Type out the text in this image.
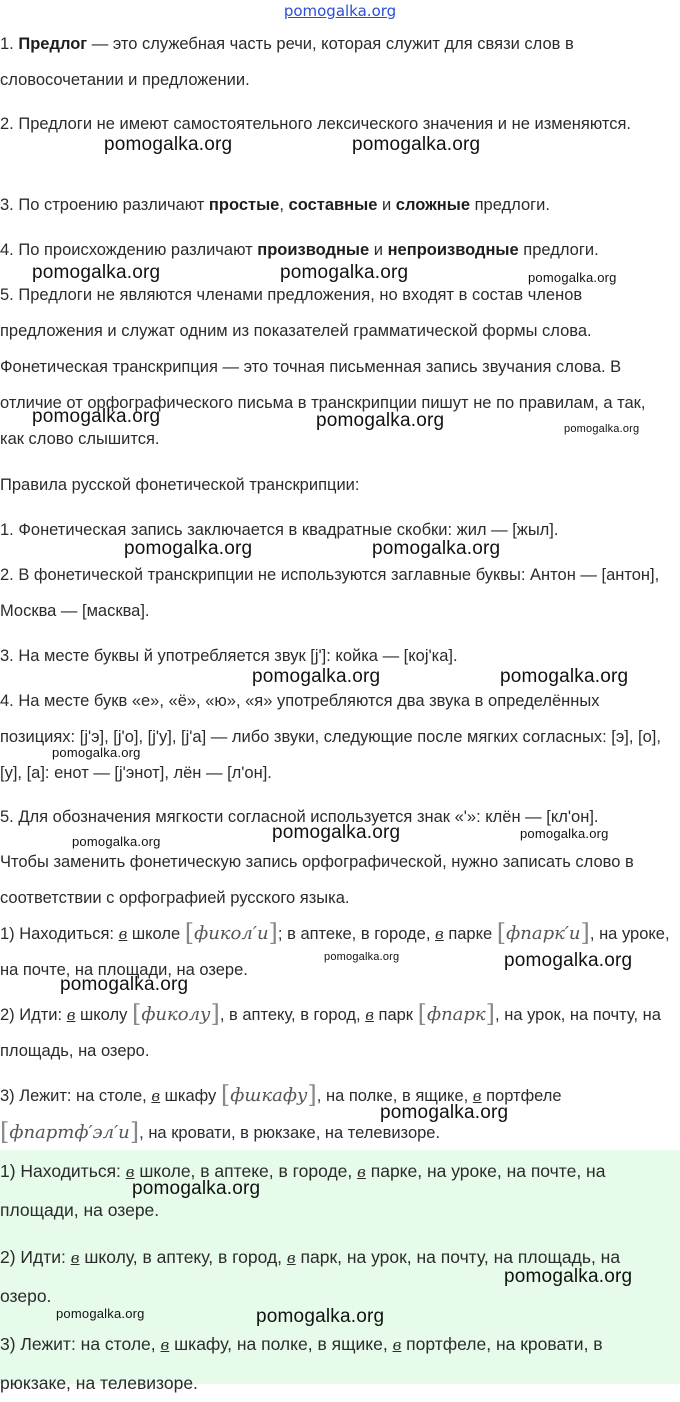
pomogalka.org

1. Предлог — это служебная часть речи, которая служит для связи слов в словосочетании и предложении.

2. Предлоги не имеют самостоятельного лексического значения и не изменяются.

3. По строению различают простые, составные и сложные предлоги.

4. По происхождению различают производные и непроизводные предлоги.

5. Предлоги не являются членами предложения, но входят в состав членов предложения и служат одним из показателей грамматической формы слова.

Фонетическая транскрипция — это точная письменная запись звучания слова. В отличие от орфографического письма в транскрипции пишут не по правилам, а так, как слово слышится.

Правила русской фонетической транскрипции:

1. Фонетическая запись заключается в квадратные скобки: жил — [жыл].

2. В фонетической транскрипции не используются заглавные буквы: Антон — [антон], Москва — [масква].

3. На месте буквы й употребляется звук [j']: койка — [коj'ка].

4. На месте букв «е», «ё», «ю», «я» употребляются два звука в определённых позициях: [j'э], [j'о], [j'у], [j'а] — либо звуки, следующие после мягких согласных: [э], [о], [у], [а]: енот — [j'энот], лён — [л'он].

5. Для обозначения мягкости согласной используется знак «'»: клён — [кл'он].

Чтобы заменить фонетическую запись орфографической, нужно записать слово в соответствии с орфографией русского языка.

1) Находиться: в школе [фикол′и]; в аптеке, в городе, в парке [фпарк′и], на уроке, на почте, на площади, на озере.

2) Идти: в школу [фиколу], в аптеку, в город, в парк [фпарк], на урок, на почту, на площадь, на озеро.

3) Лежит: на столе, в шкафу [фшкафу], на полке, в ящике, в портфеле
[фпартф′эл′и], на кровати, в рюкзаке, на телевизоре.

1) Находиться: в школе, в аптеке, в городе, в парке, на уроке, на почте, на площади, на озере.

2) Идти: в школу, в аптеку, в город, в парк, на урок, на почту, на площадь, на озеро.

3) Лежит: на столе, в шкафу, на полке, в ящике, в портфеле, на кровати, в рюкзаке, на телевизоре.

pomogalka.org	pomogalka.org
pomogalka.org	pomogalka.org	pomogalka.org
pomogalka.org	pomogalka.org	pomogalka.org
pomogalka.org	pomogalka.org
pomogalka.org	pomogalka.org
pomogalka.org
pomogalka.org	pomogalka.org	pomogalka.org
pomogalka.org	pomogalka.org
pomogalka.org
pomogalka.org
pomogalka.org
pomogalka.org
pomogalka.org	pomogalka.org
